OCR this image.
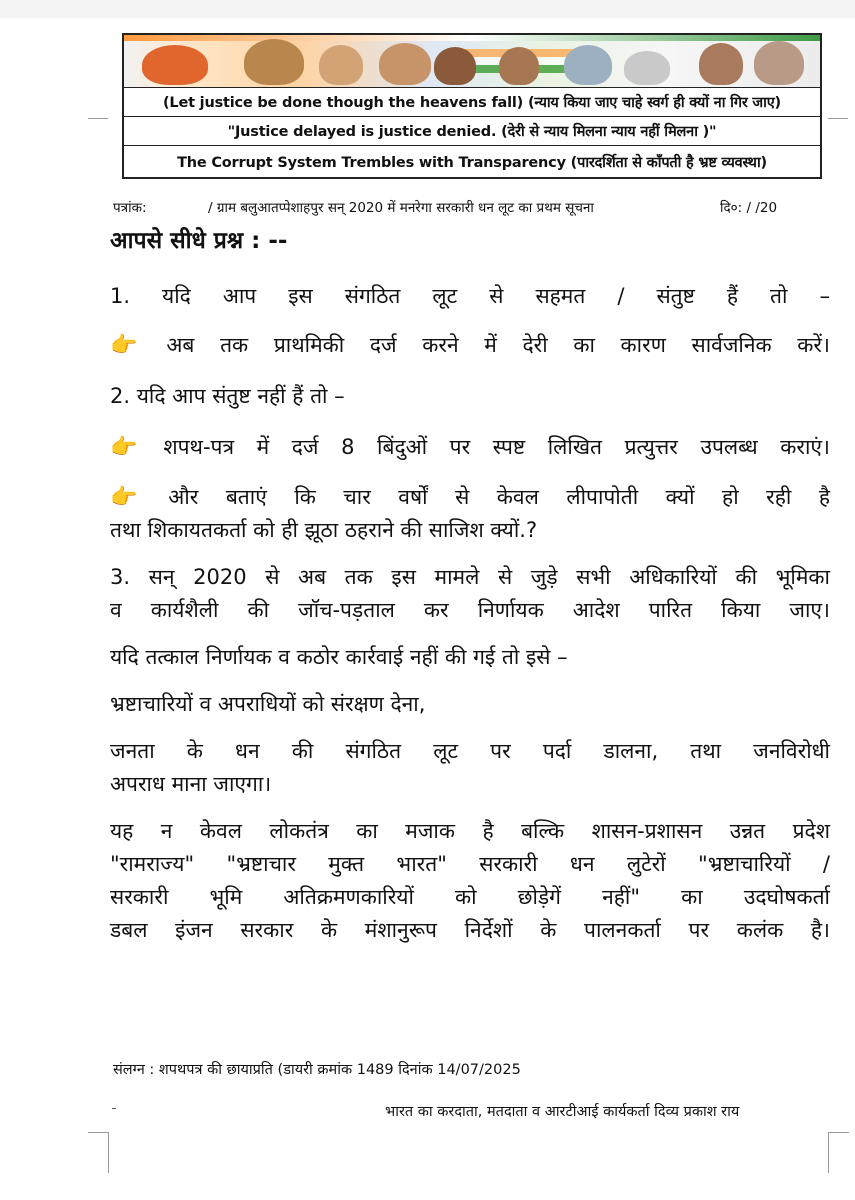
(Let justice be done though the heavens fall) (न्याय किया जाए चाहे स्वर्ग ही क्यों ना गिर जाए)
"Justice delayed is justice denied. (देरी से न्याय मिलना न्याय नहीं मिलना )"
The Corrupt System Trembles with Transparency (पारदर्शिता से काँपती है भ्रष्ट व्यवस्था)
पत्रांक:	/ ग्राम बलुआतप्पेशाहपुर सन् 2020 में मनरेगा सरकारी धन लूट का प्रथम सूचना	दि०: / /20

आपसे सीधे प्रश्न : --

1. यदि आप इस संगठित लूट से सहमत / संतुष्ट हैं तो –

👉 अब तक प्राथमिकी दर्ज करने में देरी का कारण सार्वजनिक करें।

2. यदि आप संतुष्ट नहीं हैं तो –

👉 शपथ-पत्र में दर्ज 8 बिंदुओं पर स्पष्ट लिखित प्रत्युत्तर उपलब्ध कराएं।

👉 और बताएं कि चार वर्षों से केवल लीपापोती क्यों हो रही है

तथा शिकायतकर्ता को ही झूठा ठहराने की साजिश क्यों.?

3. सन् 2020 से अब तक इस मामले से जुड़े सभी अधिकारियों की भूमिका

व कार्यशैली की जॉच-पड़ताल कर निर्णायक आदेश पारित किया जाए।

यदि तत्काल निर्णायक व कठोर कार्रवाई नहीं की गई तो इसे –

भ्रष्टाचारियों व अपराधियों को संरक्षण देना,

जनता के धन की संगठित लूट पर पर्दा डालना, तथा जनविरोधी

अपराध माना जाएगा।

यह न केवल लोकतंत्र का मजाक है बल्कि शासन-प्रशासन उन्नत प्रदेश

"रामराज्य" "भ्रष्टाचार मुक्त भारत" सरकारी धन लुटेरों "भ्रष्टाचारियों /

सरकारी भूमि अतिक्रमणकारियों को छोड़ेगें नहीं" का उदघोषकर्ता

डबल इंजन सरकार के मंशानुरूप निर्देशों के पालनकर्ता पर कलंक है।

संलग्न : शपथपत्र की छायाप्रति (डायरी क्रमांक 1489 दिनांक 14/07/2025
भारत का करदाता, मतदाता व आरटीआई कार्यकर्ता दिव्य प्रकाश राय
